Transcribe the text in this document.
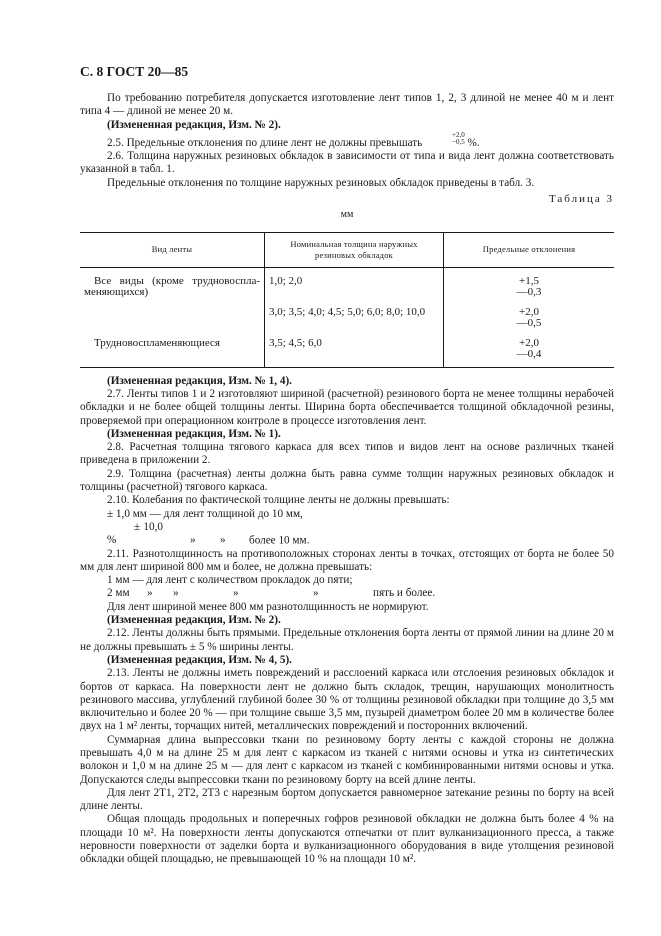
С. 8 ГОСТ 20—85

По требованию потребителя допускается изготовление лент типов 1, 2, 3 длиной не менее 40 м и лент типа 4 — длиной не менее 20 м.

(Измененная редакция, Изм. № 2).

2.5. Предельные отклонения по длине лент не должны превышать
$^{+2,0 -0,5}$ %.

2.6. Толщина наружных резиновых обкладок в зависимости от типа и вида лент должна соответствовать указанной в табл. 1.

Предельные отклонения по толщине наружных резиновых обкладок приведены в табл. 3.

Таблица 3
мм
Вид ленты	Номинальная толщина наружных резиновых обкладок	Предельные отклонения

Все виды (кроме трудновоспла-меняющихся)	1,0; 2,0	+1,5
—0,3

	3,0; 3,5; 4,0; 4,5; 5,0; 6,0; 8,0; 10,0	+2,0
—0,5

Трудновоспламеняющиеся	3,5; 4,5; 6,0	+2,0
—0,4

(Измененная редакция, Изм. № 1, 4).

2.7. Ленты типов 1 и 2 изготовляют шириной (расчетной) резинового борта не менее толщины нерабочей обкладки и не более общей толщины ленты. Ширина борта обеспечивается толщиной обкладочной резины, проверяемой при операционном контроле в процессе изготовления лент.

(Измененная редакция, Изм. № 1).

2.8. Расчетная толщина тягового каркаса для всех типов и видов лент на основе различных тканей приведена в приложении 2.

2.9. Толщина (расчетная) ленты должна быть равна сумме толщин наружных резиновых обкладок и толщины (расчетной) тягового каркаса.

2.10. Колебания по фактической толщине ленты не должны превышать:

± 1,0 мм — для лент толщиной до 10 мм,

± 10,0 %	» » более 10 мм.

2.11. Разнотолщинность на противоположных сторонах ленты в точках, отстоящих от борта не более 50 мм для лент шириной 800 мм и более, не должна превышать:

1 мм — для лент с количеством прокладок до пяти;

2 мм » »	»	»	пять и более.

Для лент шириной менее 800 мм разнотолщинность не нормируют.

(Измененная редакция, Изм. № 2).

2.12. Ленты должны быть прямыми. Предельные отклонения борта ленты от прямой линии на длине 20 м не должны превышать ± 5 % ширины ленты.

(Измененная редакция, Изм. № 4, 5).

2.13. Ленты не должны иметь повреждений и расслоений каркаса или отслоения резиновых обкладок и бортов от каркаса. На поверхности лент не должно быть складок, трещин, нарушающих монолитность резинового массива, углублений глубиной более 30 % от толщины резиновой обкладки при толщине до 3,5 мм включительно и более 20 % — при толщине свыше 3,5 мм, пузырей диаметром более 20 мм в количестве более двух на 1 м² ленты, торчащих нитей, металлических повреждений и посторонних включений.

Суммарная длина выпрессовки ткани по резиновому борту ленты с каждой стороны не должна превышать 4,0 м на длине 25 м для лент с каркасом из тканей с нитями основы и утка из синтетических волокон и 1,0 м на длине 25 м — для лент с каркасом из тканей с комбинированными нитями основы и утка. Допускаются следы выпрессовки ткани по резиновому борту на всей длине ленты.

Для лент 2Т1, 2Т2, 2Т3 с нарезным бортом допускается равномерное затекание резины по борту на всей длине ленты.

Общая площадь продольных и поперечных гофров резиновой обкладки не должна быть более 4 % на площади 10 м². На поверхности ленты допускаются отпечатки от плит вулканизационного пресса, а также неровности поверхности от заделки борта и вулканизационного оборудования в виде утолщения резиновой обкладки общей площадью, не превышающей 10 % на площади 10 м².
